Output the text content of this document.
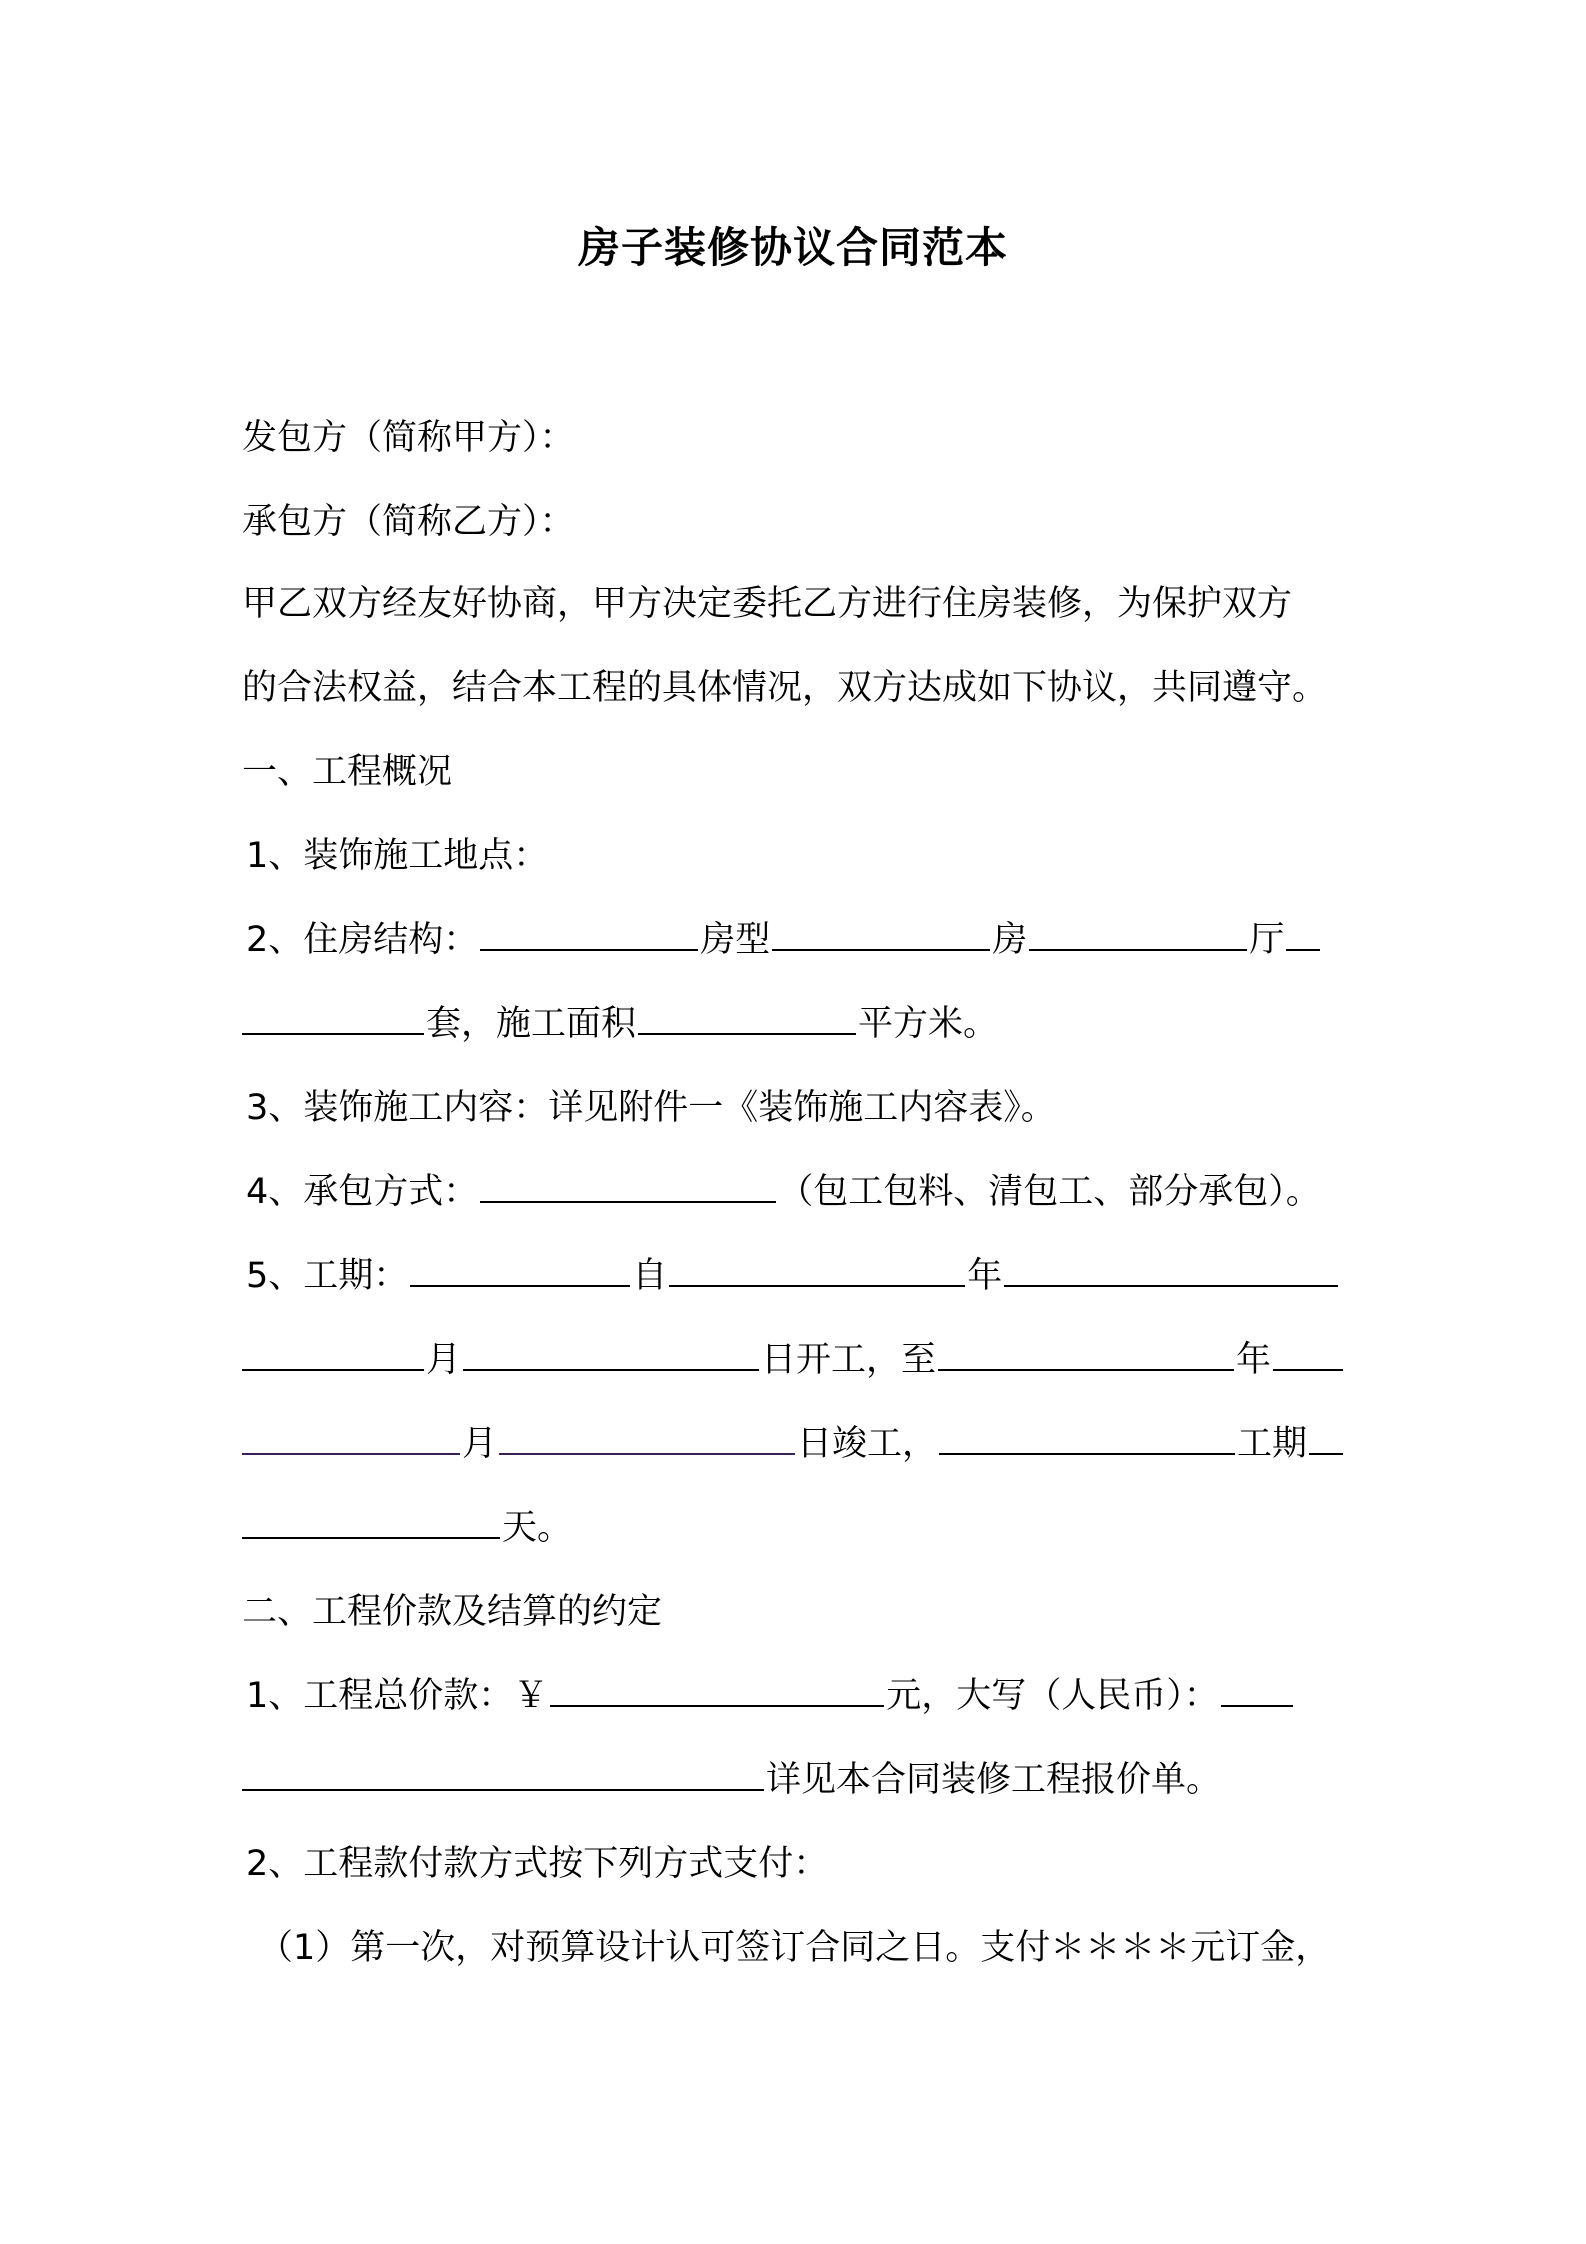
房子装修协议合同范本
发包方（简称甲方）：
承包方（简称乙方）：
甲乙双方经友好协商，甲方决定委托乙方进行住房装修，为保护双方
的合法权益，结合本工程的具体情况，双方达成如下协议，共同遵守。
一、工程概况
1、装饰施工地点：
2、住房结构：	房型	房	厅
套，施工面积	平方米。
3、装饰施工内容：详见附件一《装饰施工内容表》。
4、承包方式：	（包工包料、清包工、部分承包）。
5、工期：	自	年
月	日开工，至	年
月	日竣工，	工期
天。
二、工程价款及结算的约定
1、工程总价款：￥	元，大写（人民币）：
详见本合同装修工程报价单。
2、工程款付款方式按下列方式支付：
（1）第一次，对预算设计认可签订合同之日。支付＊＊＊＊元订金，
